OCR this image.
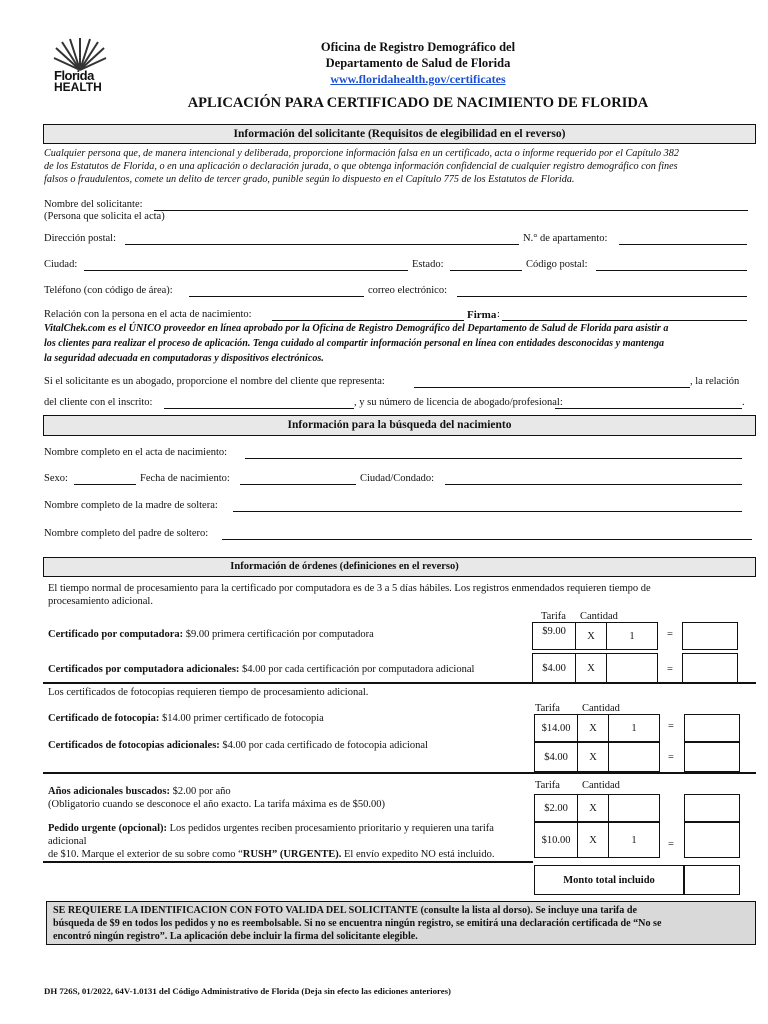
Florida
HEALTH
Oficina de Registro Demográfico del
Departamento de Salud de Florida
www.floridahealth.gov/certificates
APLICACIÓN PARA CERTIFICADO DE NACIMIENTO DE FLORIDA
Información del solicitante (Requisitos de elegibilidad en el reverso)
Cualquier persona que, de manera intencional y deliberada, proporcione información falsa en un certificado, acta o informe requerido por el Capítulo 382
de los Estatutos de Florida, o en una aplicación o declaración jurada, o que obtenga información confidencial de cualquier registro demográfico con fines
falsos o fraudulentos, comete un delito de tercer grado, punible según lo dispuesto en el Capítulo 775 de los Estatutos de Florida.
Nombre del solicitante:
(Persona que solicita el acta)
Dirección postal:	N.° de apartamento:
Ciudad:	Estado:	Código postal:
Teléfono (con código de área):	correo electrónico:
Relación con la persona en el acta de nacimiento:	Firma :
VitalChek.com es el ÚNICO proveedor en línea aprobado por la Oficina de Registro Demográfico del Departamento de Salud de Florida para asistir a
los clientes para realizar el proceso de aplicación. Tenga cuidado al compartir información personal en línea con entidades desconocidas y mantenga
la seguridad adecuada en computadoras y dispositivos electrónicos.
Si el solicitante es un abogado, proporcione el nombre del cliente que representa:	, la relación
del cliente con el inscrito:	, y su número de licencia de abogado/profesional:	.
Información para la búsqueda del nacimiento
Nombre completo en el acta de nacimiento:
Sexo:	Fecha de nacimiento:	Ciudad/Condado:
Nombre completo de la madre de soltera:
Nombre completo del padre de soltero:
Información de órdenes (definiciones en el reverso)
El tiempo normal de procesamiento para la certificado por computadora es de 3 a 5 días hábiles. Los registros enmendados requieren tiempo de
procesamiento adicional.
Tarifa Cantidad
Certificado por computadora: $9.00 primera certificación por computadora	$9.00	X	1	=
Certificados por computadora adicionales: $4.00 por cada certificación por computadora adicional	$4.00	X	=
Los certificados de fotocopias requieren tiempo de procesamiento adicional.
Tarifa Cantidad
Certificado de fotocopia: $14.00 primer certificado de fotocopia
$14.00	X	1	=
Certificados de fotocopias adicionales: $4.00 por cada certificado de fotocopia adicional
$4.00	X	=
Tarifa Cantidad
Años adicionales buscados: $2.00 por año
(Obligatorio cuando se desconoce el año exacto. La tarifa máxima es de $50.00)	$2.00	X
Pedido urgente (opcional): Los pedidos urgentes reciben procesamiento prioritario y requieren una tarifa
adicional
de $10. Marque el exterior de su sobre como “RUSH” (URGENTE). El envío expedito NO está incluido.
$10.00	X	1	=
Monto total incluido
SE REQUIERE LA IDENTIFICACION CON FOTO VALIDA DEL SOLICITANTE (consulte la lista al dorso). Se incluye una tarifa de
búsqueda de $9 en todos los pedidos y no es reembolsable. Si no se encuentra ningún registro, se emitirá una declaración certificada de “No se
encontró ningún registro”. La aplicación debe incluir la firma del solicitante elegible.
DH 726S, 01/2022, 64V-1.0131 del Código Administrativo de Florida (Deja sin efecto las ediciones anteriores)
